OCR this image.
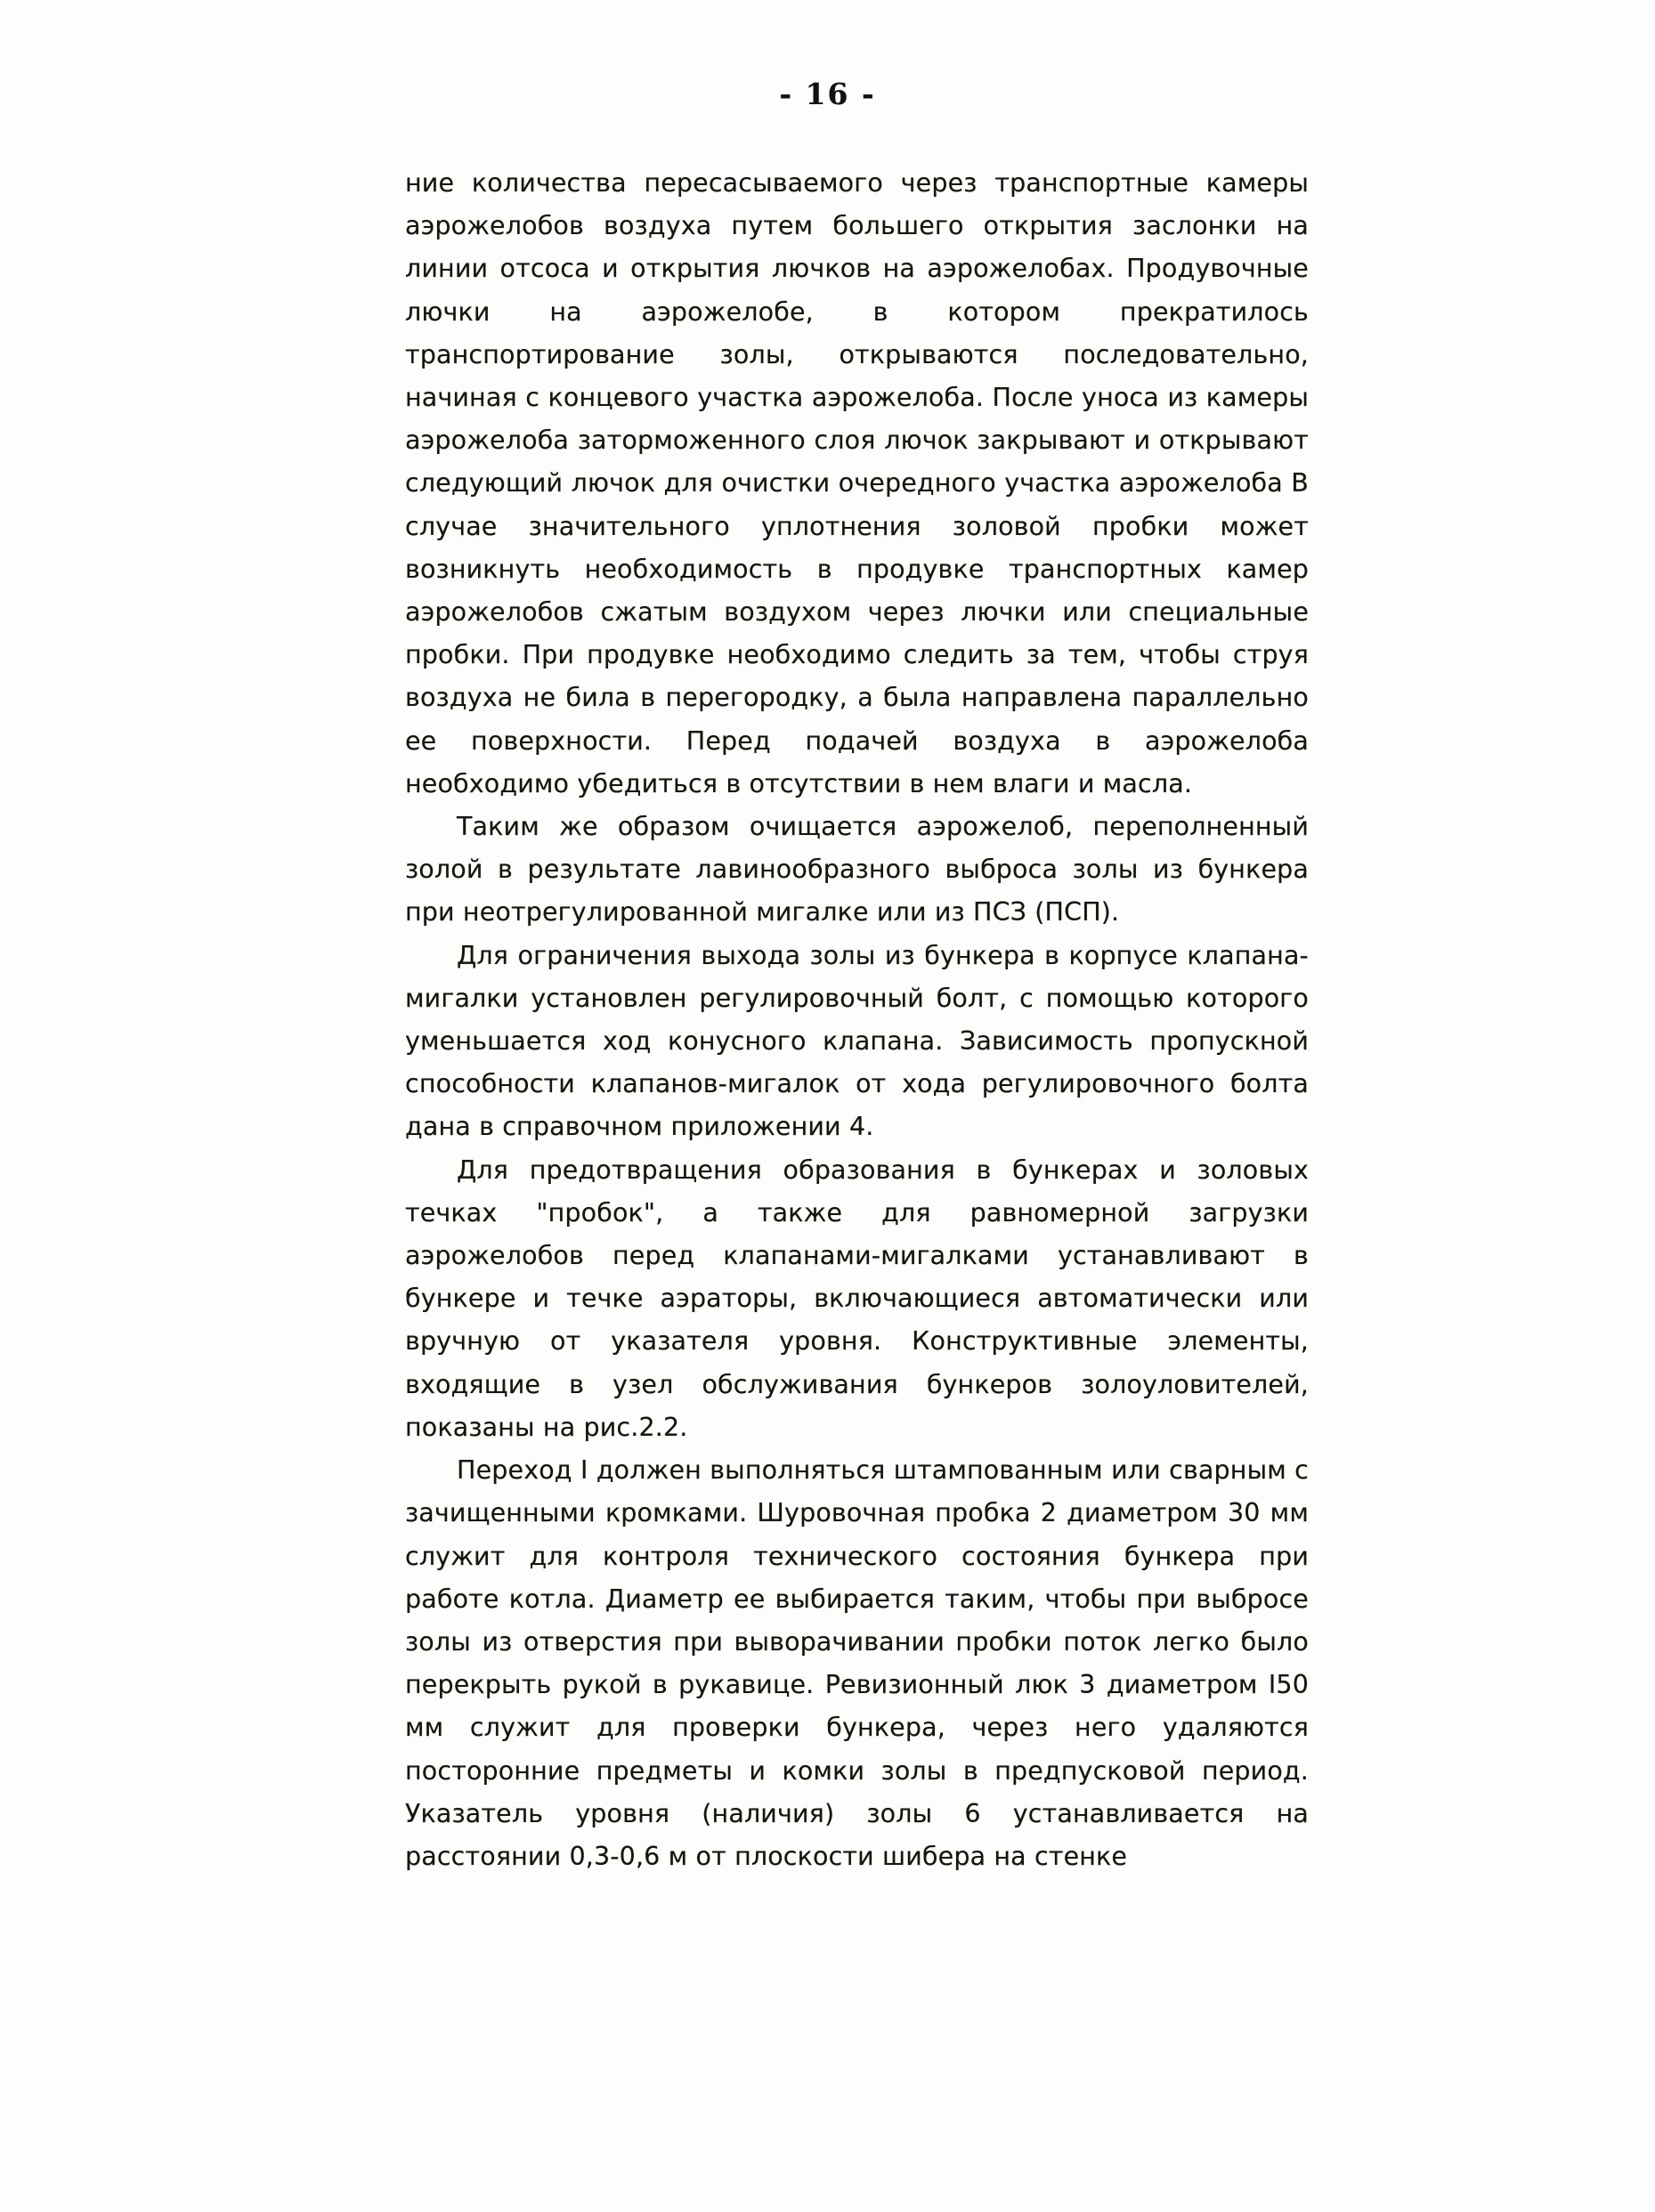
- 16 -

ние количества пересасываемого через транспортные камеры аэрожелобов воздуха путем большего открытия заслонки на линии отсоса и открытия лючков на аэрожелобах. Продувочные лючки на аэрожелобе, в котором прекратилось транспортирование золы, открываются последовательно, начиная с концевого участка аэрожелоба. После уноса из камеры аэрожелоба заторможенного слоя лючок закрывают и открывают следующий лючок для очистки очередного участка аэрожелоба В случае значительного уплотнения золовой пробки может возникнуть необходимость в продувке транспортных камер аэрожелобов сжатым воздухом через лючки или специальные пробки. При продувке необходимо следить за тем, чтобы струя воздуха не била в перегородку, а была направлена параллельно ее поверхности. Перед подачей воздуха в аэрожелоба необходимо убедиться в отсутствии в нем влаги и масла.

Таким же образом очищается аэрожелоб, переполненный золой в результате лавинообразного выброса золы из бункера при неотрегулированной мигалке или из ПСЗ (ПСП).

Для ограничения выхода золы из бункера в корпусе клапана-мигалки установлен регулировочный болт, с помощью которого уменьшается ход конусного клапана. Зависимость пропускной способности клапанов-мигалок от хода регулировочного болта дана в справочном приложении 4.

Для предотвращения образования в бункерах и золовых течках "пробок", а также для равномерной загрузки аэрожелобов перед клапанами-мигалками устанавливают в бункере и течке аэраторы, включающиеся автоматически или вручную от указателя уровня. Конструктивные элементы, входящие в узел обслуживания бункеров золоуловителей, показаны на рис.2.2.

Переход I должен выполняться штампованным или сварным с зачищенными кромками. Шуровочная пробка 2 диаметром 30 мм служит для контроля технического состояния бункера при работе котла. Диаметр ее выбирается таким, чтобы при выбросе золы из отверстия при выворачивании пробки поток легко было перекрыть рукой в рукавице. Ревизионный люк 3 диаметром I50 мм служит для проверки бункера, через него удаляются посторонние предметы и комки золы в предпусковой период. Указатель уровня (наличия) золы 6 устанавливается на расстоянии 0,3-0,6 м от плоскости шибера на стенке
